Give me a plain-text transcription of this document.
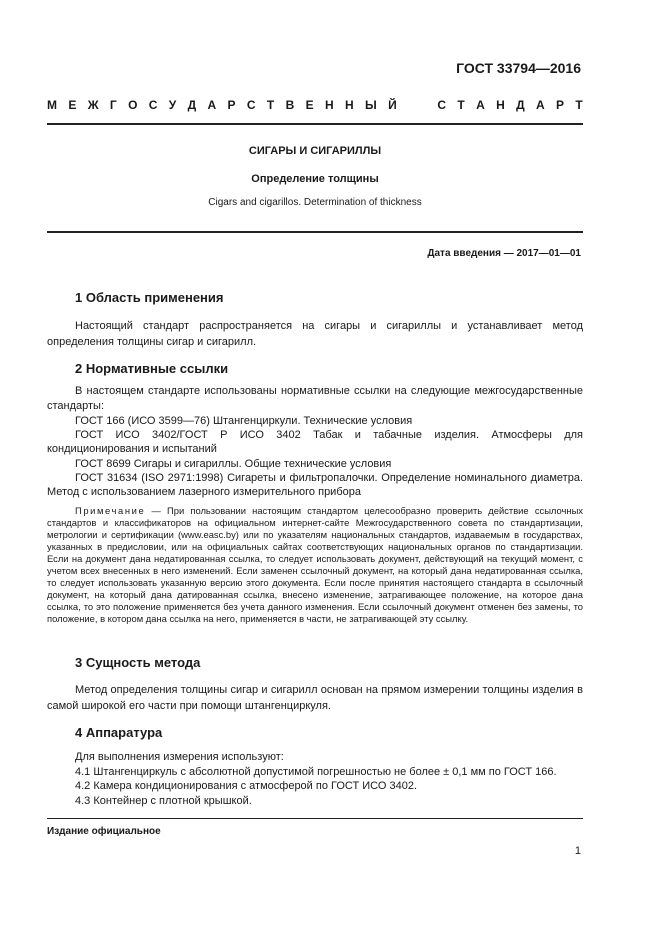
ГОСТ 33794—2016
М Е Ж Г О С У Д А Р С Т В Е Н Н Ы Й	С Т А Н Д А Р Т
СИГАРЫ И СИГАРИЛЛЫ
Определение толщины
Cigars and cigarillos. Determination of thickness
Дата введения — 2017—01—01
1 Область применения

Настоящий стандарт распространяется на сигары и сигариллы и устанавливает метод определения толщины сигар и сигарилл.

2 Нормативные ссылки

В настоящем стандарте использованы нормативные ссылки на следующие межгосударственные стандарты:

ГОСТ 166 (ИСО 3599—76) Штангенциркули. Технические условия
ГОСТ ИСО 3402/ГОСТ Р ИСО 3402 Табак и табачные изделия. Атмосферы для кондиционирования и испытаний
ГОСТ 8699 Сигары и сигариллы. Общие технические условия
ГОСТ 31634 (ISO 2971:1998) Сигареты и фильтропалочки. Определение номинального диаметра. Метод с использованием лазерного измерительного прибора

Примечание — При пользовании настоящим стандартом целесообразно проверить действие ссылочных стандартов и классификаторов на официальном интернет-сайте Межгосударственного совета по стандартизации, метрологии и сертификации (www.easc.by) или по указателям национальных стандартов, издаваемым в государствах, указанных в предисловии, или на официальных сайтах соответствующих национальных органов по стандартизации. Если на документ дана недатированная ссылка, то следует использовать документ, действующий на текущий момент, с учетом всех внесенных в него изменений. Если заменен ссылочный документ, на который дана недатированная ссылка, то следует использовать указанную версию этого документа. Если после принятия настоящего стандарта в ссылочный документ, на который дана датированная ссылка, внесено изменение, затрагивающее положение, на которое дана ссылка, то это положение применяется без учета данного изменения. Если ссылочный документ отменен без замены, то положение, в котором дана ссылка на него, применяется в части, не затрагивающей эту ссылку.

3 Сущность метода

Метод определения толщины сигар и сигарилл основан на прямом измерении толщины изделия в самой широкой его части при помощи штангенциркуля.

4 Аппаратура
Для выполнения измерения используют:
4.1 Штангенциркуль с абсолютной допустимой погрешностью не более ± 0,1 мм по ГОСТ 166.
4.2 Камера кондиционирования с атмосферой по ГОСТ ИСО 3402.
4.3 Контейнер с плотной крышкой.
Издание официальное
1
